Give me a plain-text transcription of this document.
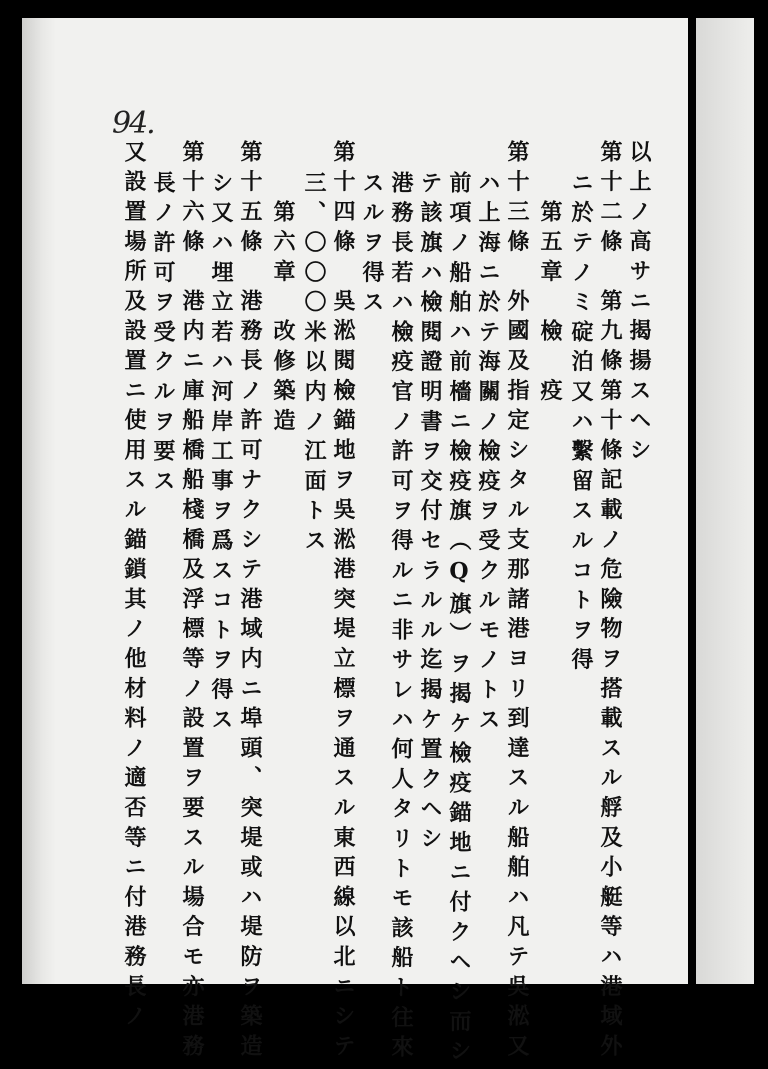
94.
以上ノ高サニ揭揚スヘシ
第十二條　第九條第十條記載ノ危險物ヲ搭載スル艀及小艇等ハ港域外
ニ於テノミ碇泊又ハ繫留スルコトヲ得
第五章　檢　疫
第十三條　外國及指定シタル支那諸港ヨリ到達スル船舶ハ凡テ吳淞又
ハ上海ニ於テ海關ノ檢疫ヲ受クルモノトス
前項ノ船舶ハ前檣ニ檢疫旗（Q旗）ヲ揭ケ檢疫錨地ニ付クヘシ而シ
テ該旗ハ檢閱證明書ヲ交付セラルル迄揭ケ置クヘシ
港務長若ハ檢疫官ノ許可ヲ得ルニ非サレハ何人タリトモ該船ト往來
スルヲ得ス
第十四條　吳淞閱檢錨地ヲ吳淞港突堤立標ヲ通スル東西線以北ニシテ
三、〇〇〇米以内ノ江面トス
第六章　改修築造
第十五條　港務長ノ許可ナクシテ港域内ニ埠頭、突堤或ハ堤防ヲ築造
シ又ハ埋立若ハ河岸工事ヲ爲スコトヲ得ス
第十六條　港内ニ庫船橋船棧橋及浮標等ノ設置ヲ要スル場合モ亦港務
長ノ許可ヲ受クルヲ要ス
又設置場所及設置ニ使用スル錨鎖其ノ他材料ノ適否等ニ付港務長ノ
